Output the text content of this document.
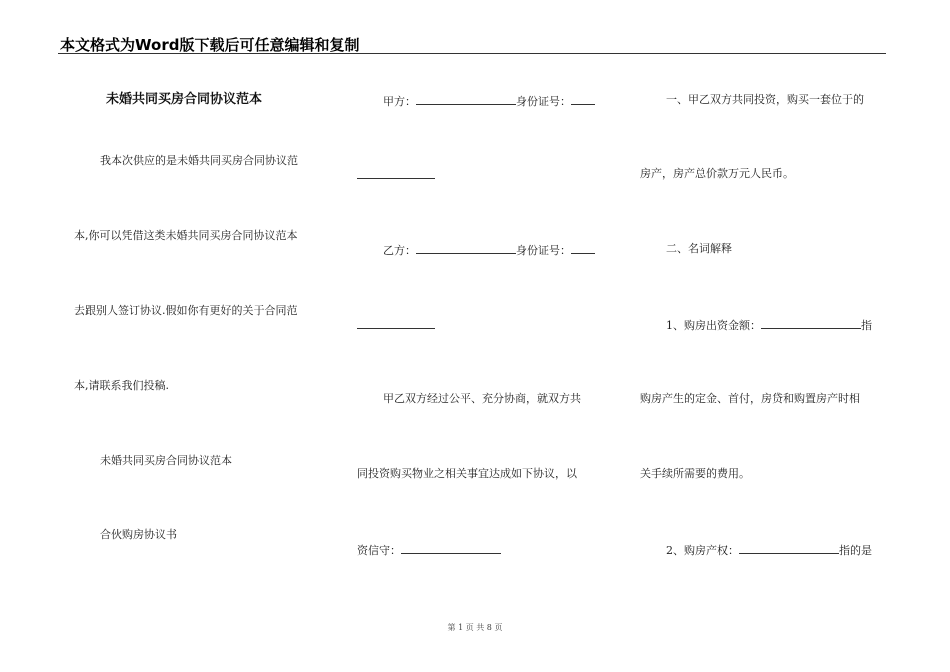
本文格式为Word版下载后可任意编辑和复制
未婚共同买房合同协议范本
我本次供应的是未婚共同买房合同协议范
本,你可以凭借这类未婚共同买房合同协议范本
去跟别人签订协议.假如你有更好的关于合同范
本,请联系我们投稿.
未婚共同买房合同协议范本
合伙购房协议书
甲方：	身份证号：
乙方：	身份证号：
甲乙双方经过公平、充分协商，就双方共
同投资购买物业之相关事宜达成如下协议，以
资信守：
一、甲乙双方共同投资，购买一套位于的
房产，房产总价款万元人民币。
二、名词解释
1、购房出资金额：	指
购房产生的定金、首付，房贷和购置房产时相
关手续所需要的费用。
2、购房产权：	指的是
第 1 页 共 8 页
